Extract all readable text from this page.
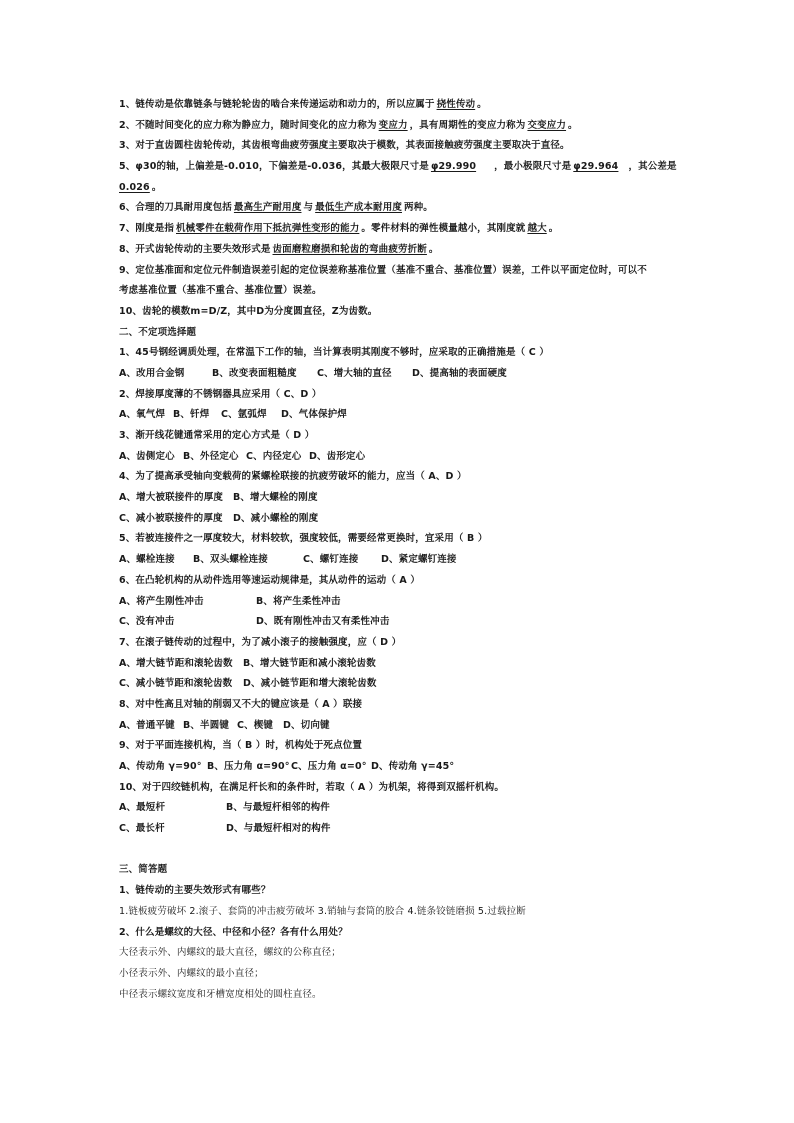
1、链传动是依靠链条与链轮轮齿的啮合来传递运动和动力的，所以应属于 挠性传动 。
2、不随时间变化的应力称为静应力，随时间变化的应力称为 变应力 ，具有周期性的变应力称为 交变应力 。
3、对于直齿圆柱齿轮传动，其齿根弯曲疲劳强度主要取决于模数，其表面接触疲劳强度主要取决于直径。
5、φ30的轴，上偏差是-0.010，下偏差是-0.036，其最大极限尺寸是 φ29.990 ，最小极限尺寸是 φ29.964 ，其公差是
0.026 。
6、合理的刀具耐用度包括 最高生产耐用度 与 最低生产成本耐用度 两种。
7、刚度是指 机械零件在载荷作用下抵抗弹性变形的能力 。零件材料的弹性模量越小，其刚度就 越大 。
8、开式齿轮传动的主要失效形式是 齿面磨粒磨损和轮齿的弯曲疲劳折断 。
9、定位基准面和定位元件制造误差引起的定位误差称基准位置（基准不重合、基准位置）误差，工件以平面定位时，可以不
考虑基准位置（基准不重合、基准位置）误差。
10、齿轮的模数m=D/Z，其中D为分度圆直径，Z为齿数。
二、不定项选择题
1、45号钢经调质处理，在常温下工作的轴，当计算表明其刚度不够时，应采取的正确措施是（ C ）
A、改用合金钢	B、改变表面粗糙度 C、增大轴的直径 D、提高轴的表面硬度
2、焊接厚度薄的不锈钢器具应采用（ C、D ）
A、氧气焊 B、钎焊 C、氩弧焊 D、气体保护焊
3、渐开线花键通常采用的定心方式是（ D ）
A、齿侧定心 B、外径定心 C、内径定心 D、齿形定心
4、为了提高承受轴向变载荷的紧螺栓联接的抗疲劳破坏的能力，应当（ A、D ）
A、增大被联接件的厚度 B、增大螺栓的刚度
C、减小被联接件的厚度 D、减小螺栓的刚度
5、若被连接件之一厚度较大，材料较软，强度较低，需要经常更换时，宜采用（ B ）
A、螺栓连接 B、双头螺栓连接	C、螺钉连接 D、紧定螺钉连接
6、在凸轮机构的从动件选用等速运动规律是，其从动件的运动（ A ）
A、将产生刚性冲击	B、将产生柔性冲击
C、没有冲击	D、既有刚性冲击又有柔性冲击
7、在滚子链传动的过程中，为了减小滚子的接触强度，应（ D ）
A、增大链节距和滚轮齿数 B、增大链节距和减小滚轮齿数
C、减小链节距和滚轮齿数 D、减小链节距和增大滚轮齿数
8、对中性高且对轴的削弱又不大的键应该是（ A ）联接
A、普通平键 B、半圆键 C、楔键 D、切向键
9、对于平面连接机构，当（ B ）时，机构处于死点位置
A、传动角 γ=90° B、压力角 α=90°C、压力角 α=0° D、传动角 γ=45°
10、对于四绞链机构，在满足杆长和的条件时，若取（ A ）为机架，将得到双摇杆机构。
A、最短杆	B、与最短杆相邻的构件
C、最长杆	D、与最短杆相对的构件
三、简答题
1、链传动的主要失效形式有哪些？
1.链板疲劳破坏 2.滚子、套筒的冲击疲劳破坏 3.销轴与套筒的胶合 4.链条铰链磨损 5.过载拉断
2、什么是螺纹的大径、中径和小径？各有什么用处？
大径表示外、内螺纹的最大直径，螺纹的公称直径；
小径表示外、内螺纹的最小直径；
中径表示螺纹宽度和牙槽宽度相处的圆柱直径。
